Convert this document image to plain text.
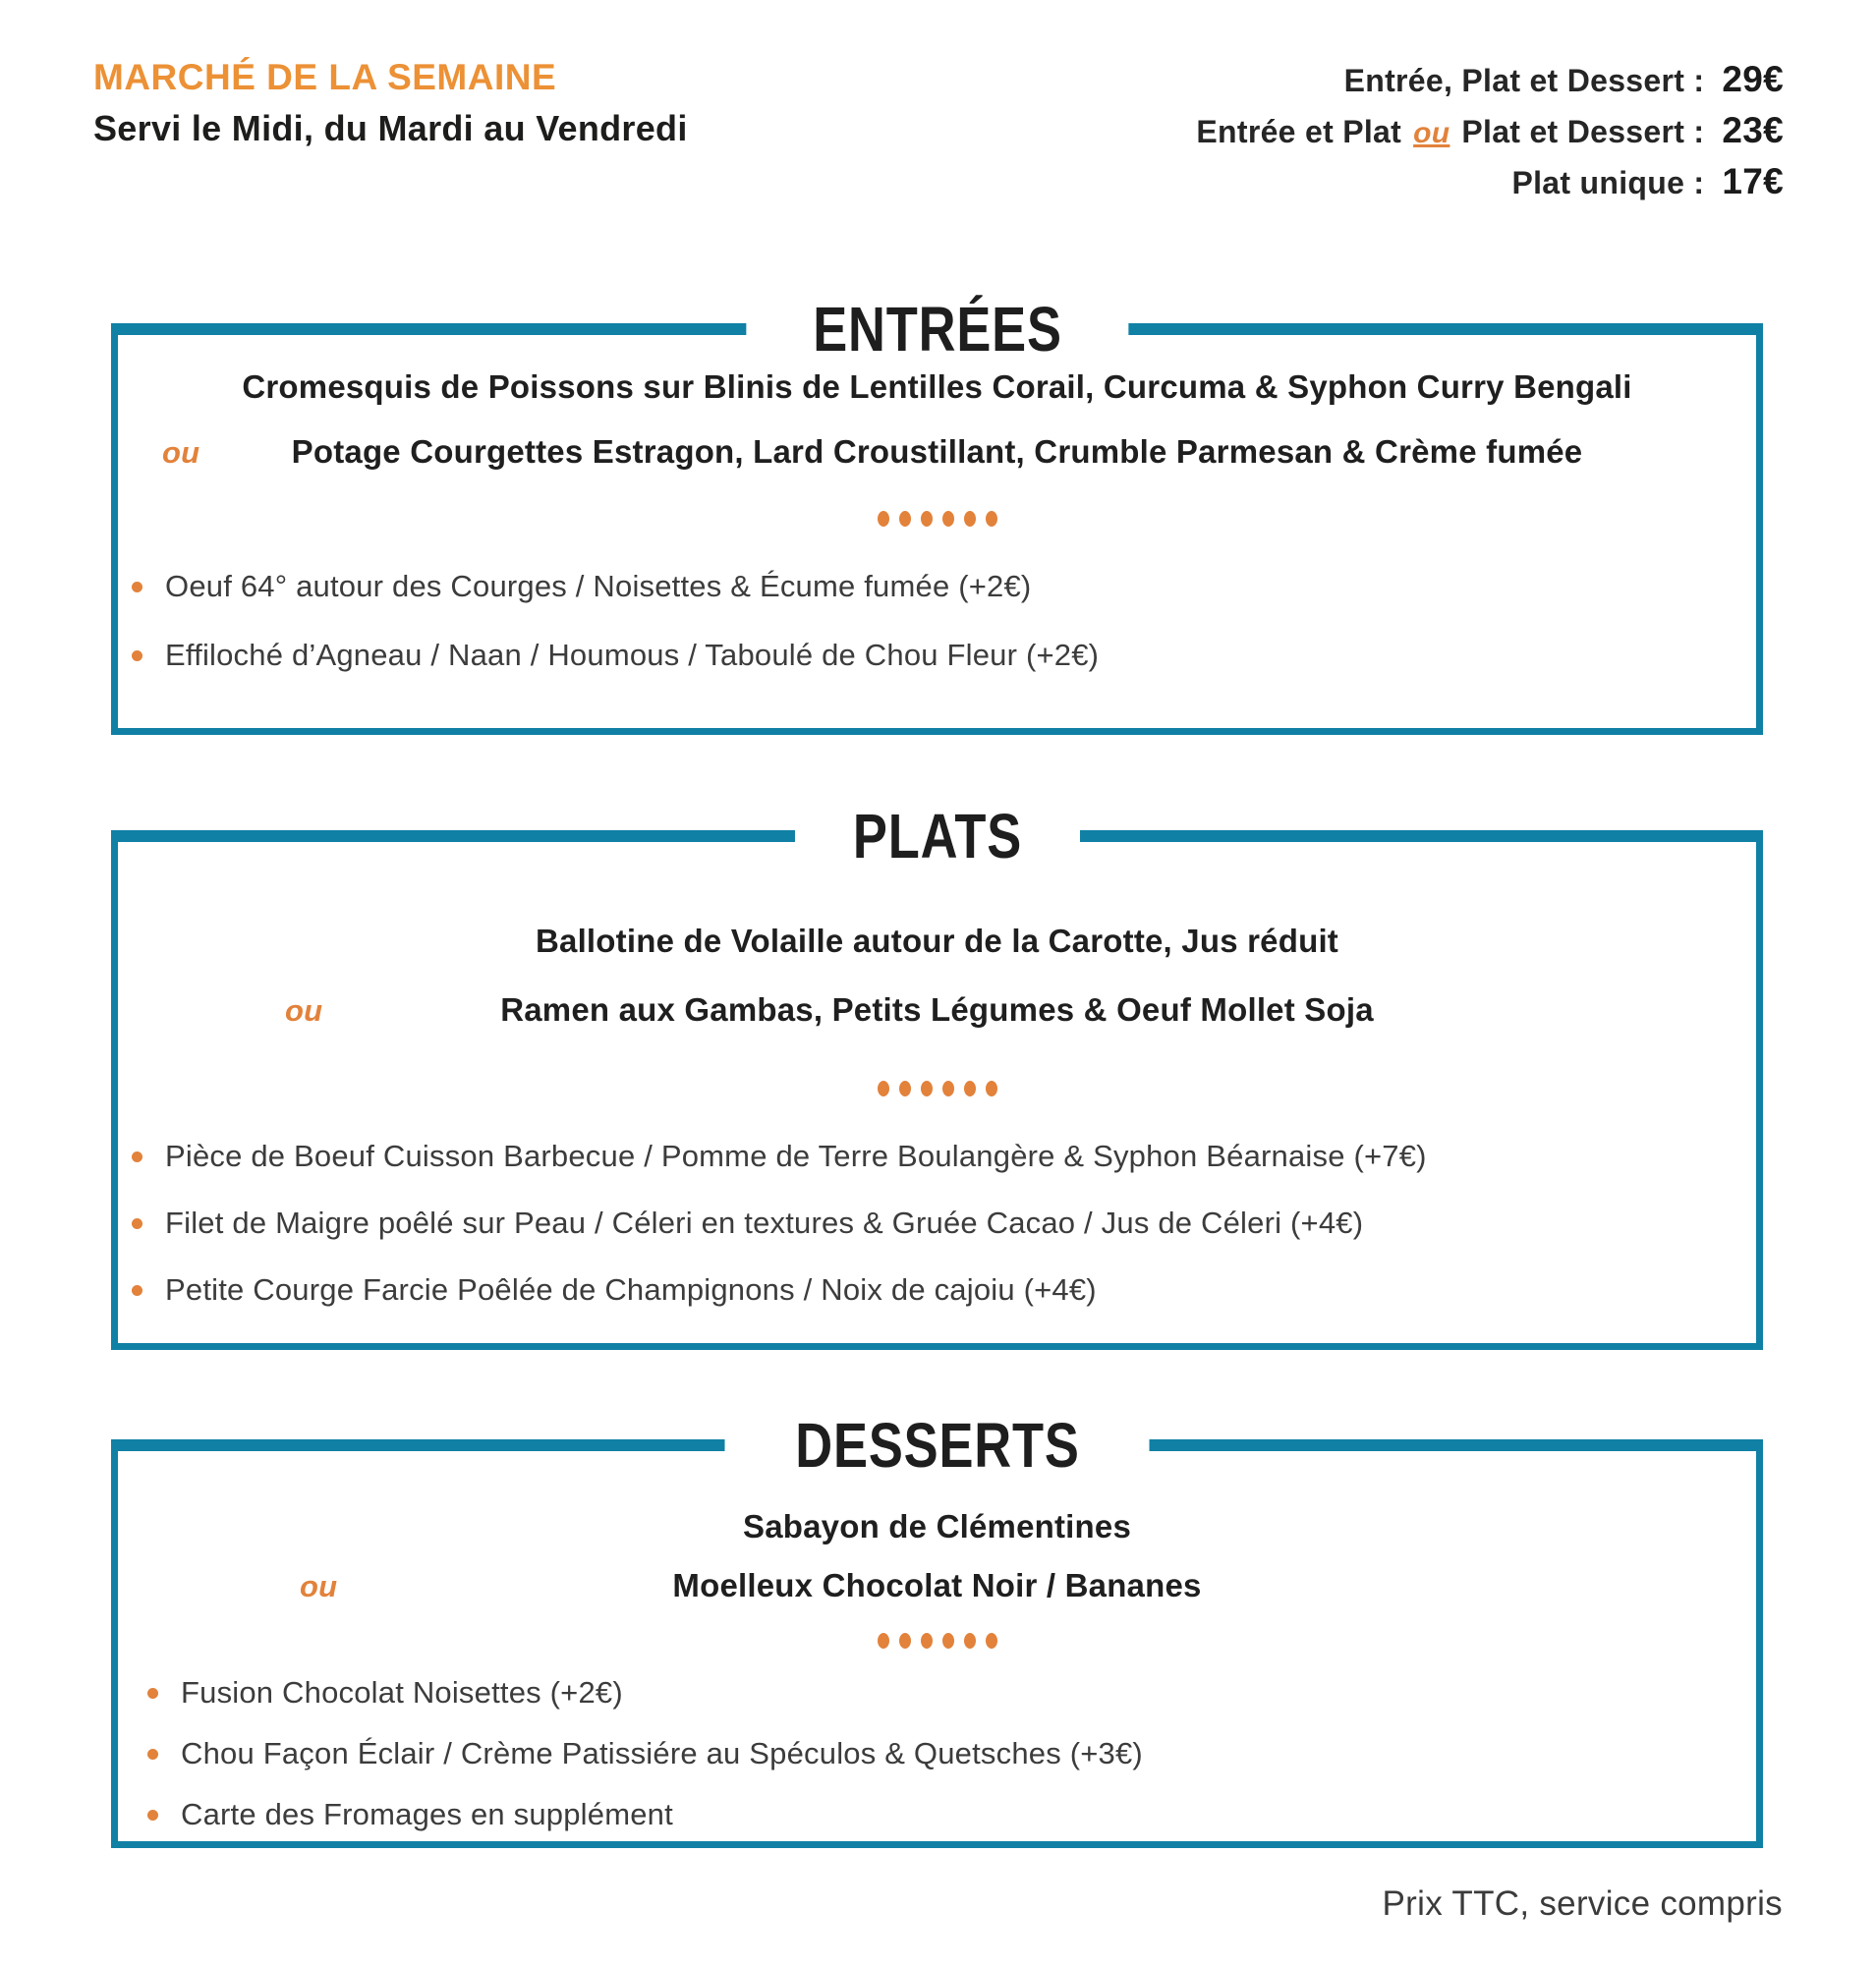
MARCHÉ DE LA SEMAINE
Servi le Midi, du Mardi au Vendredi
Entrée, Plat et Dessert : 29€
Entrée et Plat ou Plat et Dessert : 23€
Plat unique : 17€
ENTRÉES
Cromesquis de Poissons sur Blinis de Lentilles Corail, Curcuma & Syphon Curry Bengali
ou	Potage Courgettes Estragon, Lard Croustillant, Crumble Parmesan & Crème fumée
Oeuf 64° autour des Courges / Noisettes & Écume fumée (+2€)
Effiloché d’Agneau / Naan / Houmous / Taboulé de Chou Fleur (+2€)
PLATS
Ballotine de Volaille autour de la Carotte, Jus réduit
ou	Ramen aux Gambas, Petits Légumes & Oeuf Mollet Soja
Pièce de Boeuf Cuisson Barbecue / Pomme de Terre Boulangère & Syphon Béarnaise (+7€)
Filet de Maigre poêlé sur Peau / Céleri en textures & Gruée Cacao / Jus de Céleri (+4€)
Petite Courge Farcie Poêlée de Champignons / Noix de cajoiu (+4€)
DESSERTS
Sabayon de Clémentines
ou	Moelleux Chocolat Noir / Bananes
Fusion Chocolat Noisettes (+2€)
Chou Façon Éclair / Crème Patissiére au Spéculos & Quetsches (+3€)
Carte des Fromages en supplément
Prix TTC, service compris
